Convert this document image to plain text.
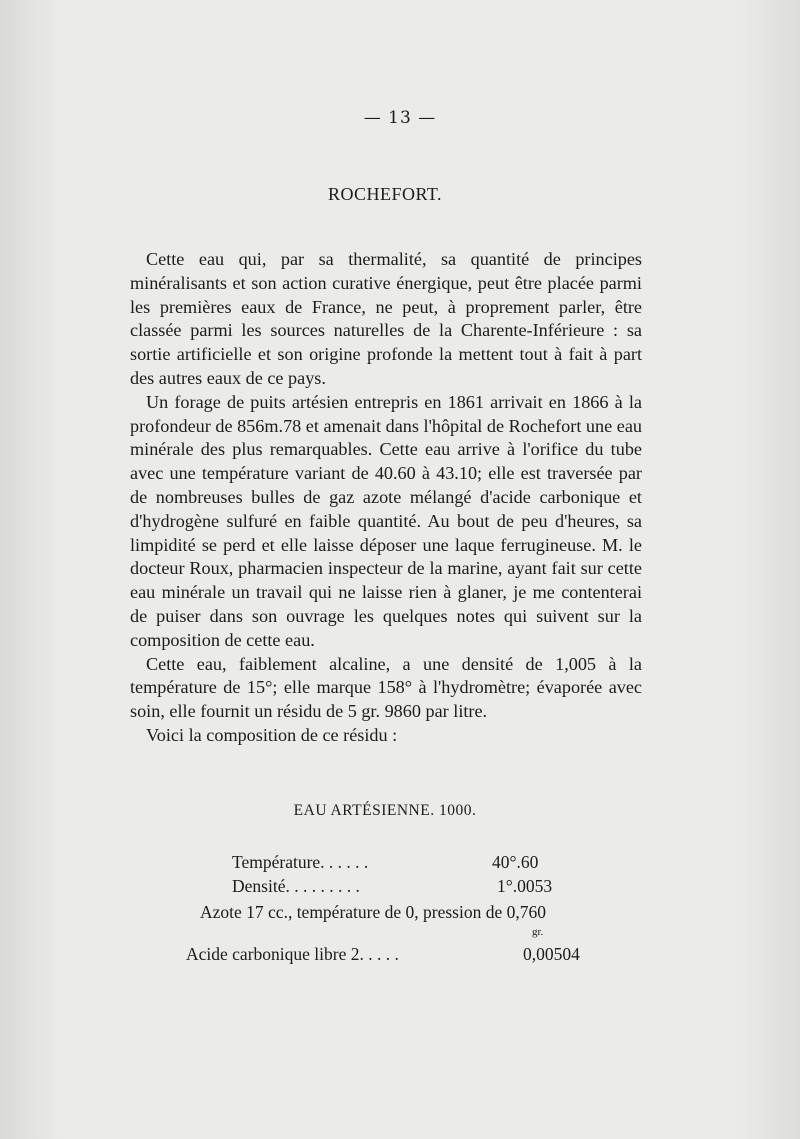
— 13 —
ROCHEFORT.

Cette eau qui, par sa thermalité, sa quantité de principes minéralisants et son action curative énergique, peut être placée parmi les premières eaux de France, ne peut, à proprement parler, être classée parmi les sources naturelles de la Charente-Inférieure : sa sortie artificielle et son origine profonde la mettent tout à fait à part des autres eaux de ce pays.

Un forage de puits artésien entrepris en 1861 arrivait en 1866 à la profondeur de 856m.78 et amenait dans l'hôpital de Rochefort une eau minérale des plus remarquables. Cette eau arrive à l'orifice du tube avec une température variant de 40.60 à 43.10; elle est traversée par de nombreuses bulles de gaz azote mélangé d'acide carbonique et d'hydrogène sulfuré en faible quantité. Au bout de peu d'heures, sa limpidité se perd et elle laisse déposer une laque ferrugineuse. M. le docteur Roux, pharmacien inspecteur de la marine, ayant fait sur cette eau minérale un travail qui ne laisse rien à glaner, je me contenterai de puiser dans son ouvrage les quelques notes qui suivent sur la composition de cette eau.

Cette eau, faiblement alcaline, a une densité de 1,005 à la température de 15°; elle marque 158° à l'hydromètre; évaporée avec soin, elle fournit un résidu de 5 gr. 9860 par litre.

Voici la composition de ce résidu :

EAU ARTÉSIENNE. 1000.
Température. . . . . .	40°.60
Densité. . . . . . . . .	1°.0053
Azote 17 cc., température de 0, pression de 0,760
Acide carbonique libre 2. . . . .
gr.
0,00504
